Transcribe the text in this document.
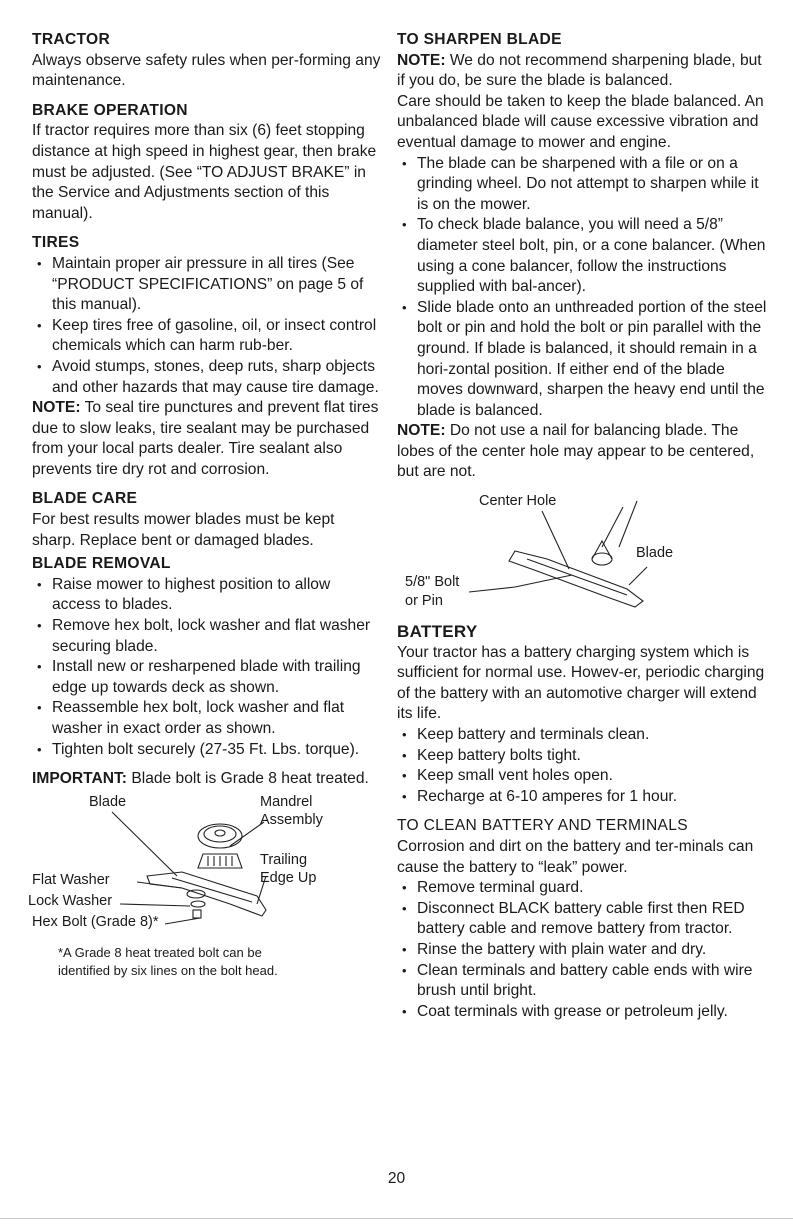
TRACTOR

Always observe safety rules when per-forming any maintenance.

BRAKE OPERATION

If tractor requires more than six (6) feet stopping distance at high speed in highest gear, then brake must be adjusted. (See “TO ADJUST BRAKE” in the Service and Adjustments section of this manual).

TIRES
• Maintain proper air pressure in all tires (See “PRODUCT SPECIFICATIONS” on page 5 of this manual).
• Keep tires free of gasoline, oil, or insect control chemicals which can harm rub-ber.
• Avoid stumps, stones, deep ruts, sharp objects and other hazards that may cause tire damage.

NOTE: To seal tire punctures and prevent flat tires due to slow leaks, tire sealant may be purchased from your local parts dealer. Tire sealant also prevents tire dry rot and corrosion.

BLADE CARE

For best results mower blades must be kept sharp. Replace bent or damaged blades.

BLADE REMOVAL
• Raise mower to highest position to allow access to blades.
• Remove hex bolt, lock washer and flat washer securing blade.
• Install new or resharpened blade with trailing edge up towards deck as shown.
• Reassemble hex bolt, lock washer and flat washer in exact order as shown.
• Tighten bolt securely (27-35 Ft. Lbs. torque).

IMPORTANT: Blade bolt is Grade 8 heat treated.

Blade	Mandrel
Assembly
Trailing
Edge Up
Flat Washer
Lock Washer
Hex Bolt (Grade 8)*
*A Grade 8 heat treated bolt can be
identified by six lines on the bolt head.
TO SHARPEN BLADE

NOTE: We do not recommend sharpening blade, but if you do, be sure the blade is balanced.

Care should be taken to keep the blade balanced. An unbalanced blade will cause excessive vibration and eventual damage to mower and engine.

• The blade can be sharpened with a file or on a grinding wheel. Do not attempt to sharpen while it is on the mower.
• To check blade balance, you will need a 5/8” diameter steel bolt, pin, or a cone balancer. (When using a cone balancer, follow the instructions supplied with bal-ancer).
• Slide blade onto an unthreaded portion of the steel bolt or pin and hold the bolt or pin parallel with the ground. If blade is balanced, it should remain in a hori-zontal position. If either end of the blade moves downward, sharpen the heavy end until the blade is balanced.

NOTE: Do not use a nail for balancing blade. The lobes of the center hole may appear to be centered, but are not.

Center Hole
Blade
5/8" Bolt
or Pin
BATTERY

Your tractor has a battery charging system which is sufficient for normal use. Howev-er, periodic charging of the battery with an automotive charger will extend its life.

• Keep battery and terminals clean.
• Keep battery bolts tight.
• Keep small vent holes open.
• Recharge at 6-10 amperes for 1 hour.
TO CLEAN BATTERY AND TERMINALS

Corrosion and dirt on the battery and ter-minals can cause the battery to “leak” power.

• Remove terminal guard.
• Disconnect BLACK battery cable first then RED battery cable and remove battery from tractor.
• Rinse the battery with plain water and dry.
• Clean terminals and battery cable ends with wire brush until bright.
• Coat terminals with grease or petroleum jelly.
20
